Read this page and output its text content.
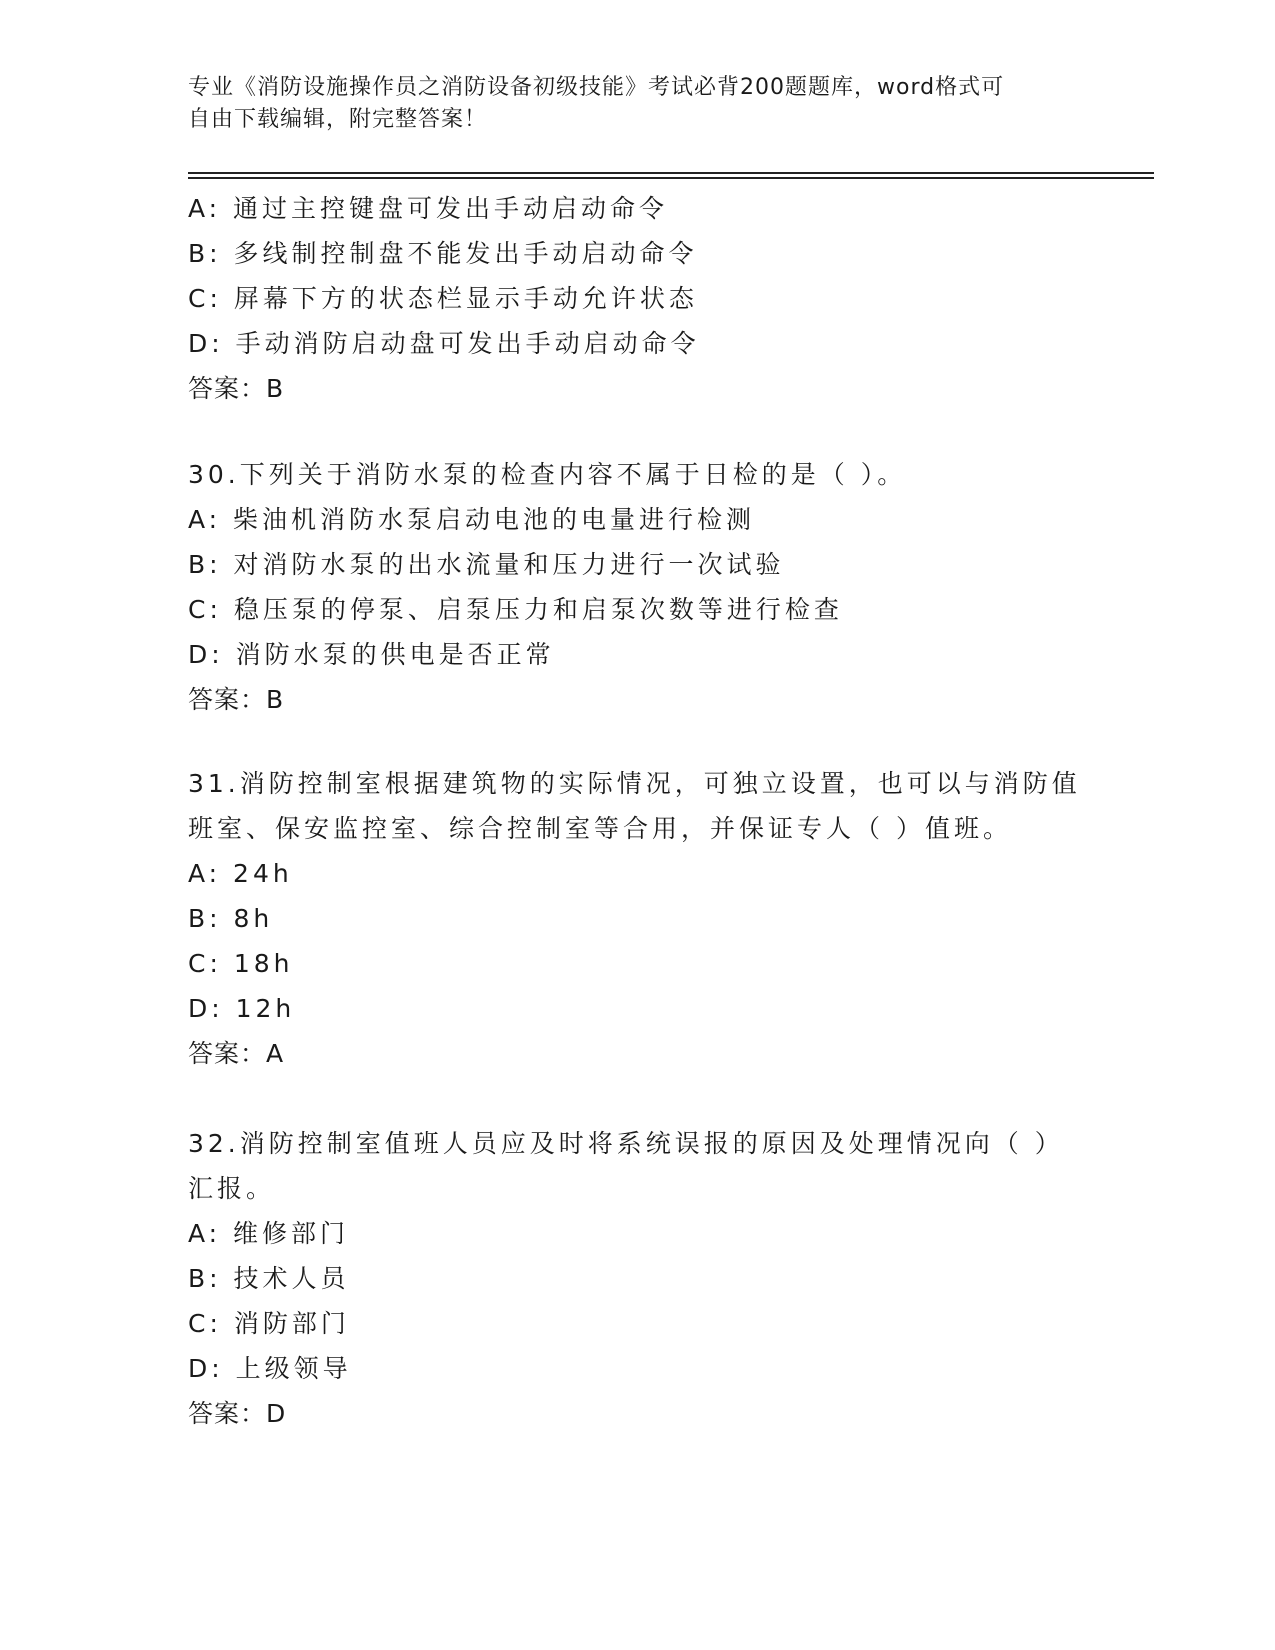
专业《消防设施操作员之消防设备初级技能》考试必背200题题库，word格式可
自由下载编辑，附完整答案！
A: 通过主控键盘可发出手动启动命令
B: 多线制控制盘不能发出手动启动命令
C: 屏幕下方的状态栏显示手动允许状态
D: 手动消防启动盘可发出手动启动命令
答案：B
30.下列关于消防水泵的检查内容不属于日检的是（ ）。
A: 柴油机消防水泵启动电池的电量进行检测
B: 对消防水泵的出水流量和压力进行一次试验
C: 稳压泵的停泵、启泵压力和启泵次数等进行检查
D: 消防水泵的供电是否正常
答案：B
31.消防控制室根据建筑物的实际情况，可独立设置，也可以与消防值
班室、保安监控室、综合控制室等合用，并保证专人（ ）值班。
A: 24h
B: 8h
C: 18h
D: 12h
答案：A
32.消防控制室值班人员应及时将系统误报的原因及处理情况向（ ）
汇报。
A: 维修部门
B: 技术人员
C: 消防部门
D: 上级领导
答案：D
